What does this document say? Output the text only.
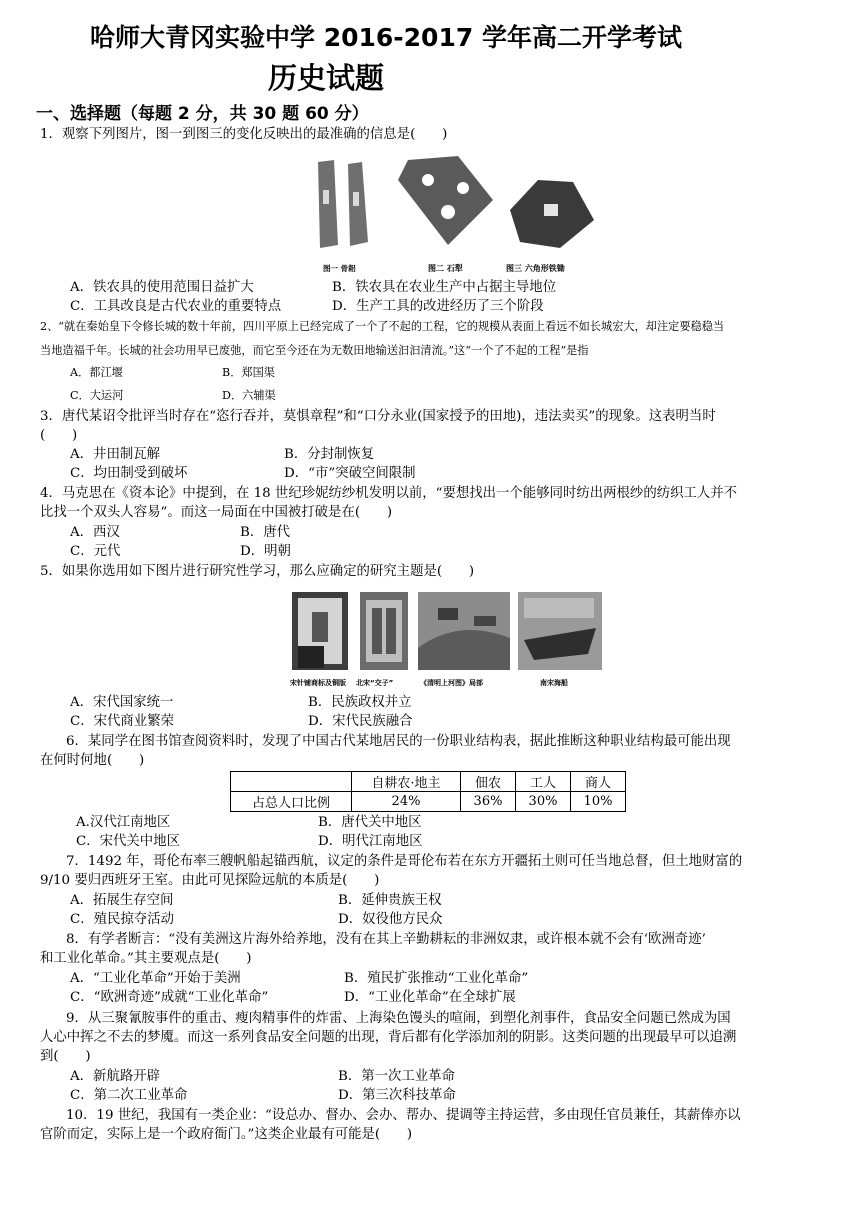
哈师大青冈实验中学 2016-2017 学年高二开学考试
历史试题
一、选择题（每题 2 分，共 30 题 60 分）
1．观察下列图片，图一到图三的变化反映出的最准确的信息是(　　)
图一 骨耜	图二 石犁	图三 六角形铁锄
A．铁农具的使用范围日益扩大	B．铁农具在农业生产中占据主导地位
C．工具改良是古代农业的重要特点	D．生产工具的改进经历了三个阶段
2、“就在秦始皇下令修长城的数十年前，四川平原上已经完成了一个了不起的工程，它的规模从表面上看远不如长城宏大，却注定要稳稳当
当地造福千年。长城的社会功用早已废弛，而它至今还在为无数田地输送汩汩清流。”这“一个了不起的工程”是指
A．都江堰	B．郑国渠
C．大运河	D．六辅渠
3．唐代某诏令批评当时存在“恣行吞并，莫惧章程”和“口分永业(国家授予的田地)，违法卖买”的现象。这表明当时
(　　)
A．井田制瓦解	B．分封制恢复
C．均田制受到破坏	D．“市”突破空间限制
4．马克思在《资本论》中提到，在 18 世纪珍妮纺纱机发明以前，“要想找出一个能够同时纺出两根纱的纺织工人并不
比找一个双头人容易”。而这一局面在中国被打破是在(　　)
A．西汉	B．唐代
C．元代	D．明朝
5．如果你选用如下图片进行研究性学习，那么应确定的研究主题是(　　)
宋针铺商标及铜版 北宋“交子”	《清明上河图》局部	南宋海船
A．宋代国家统一	B．民族政权并立
C．宋代商业繁荣	D．宋代民族融合
6．某同学在图书馆查阅资料时，发现了中国古代某地居民的一份职业结构表，据此推断这种职业结构最可能出现
在何时何地(　　)
	自耕农·地主	佃农	工人	商人
占总人口比例	24%	36%	30%	10%
A.汉代江南地区	B．唐代关中地区
C．宋代关中地区	D．明代江南地区
7．1492 年，哥伦布率三艘帆船起锚西航，议定的条件是哥伦布若在东方开疆拓土则可任当地总督，但土地财富的
9/10 要归西班牙王室。由此可见探险远航的本质是(　　)
A．拓展生存空间	B．延伸贵族王权
C．殖民掠夺活动	D．奴役他方民众
8．有学者断言：“没有美洲这片海外给养地，没有在其上辛勤耕耘的非洲奴隶，或许根本就不会有‘欧洲奇迹’
和工业化革命。”其主要观点是(　　)
A．“工业化革命”开始于美洲	B．殖民扩张推动“工业化革命”
C．“欧洲奇迹”成就“工业化革命”	D．“工业化革命”在全球扩展
9．从三聚氰胺事件的重击、瘦肉精事件的炸雷、上海染色馒头的喧闹，到塑化剂事件，食品安全问题已然成为国
人心中挥之不去的梦魇。而这一系列食品安全问题的出现，背后都有化学添加剂的阴影。这类问题的出现最早可以追溯
到(　　)
A．新航路开辟	B．第一次工业革命
C．第二次工业革命	D．第三次科技革命
10．19 世纪，我国有一类企业：“设总办、督办、会办、帮办、提调等主持运营，多由现任官员兼任，其薪俸亦以
官阶而定，实际上是一个政府衙门。”这类企业最有可能是(　　)
